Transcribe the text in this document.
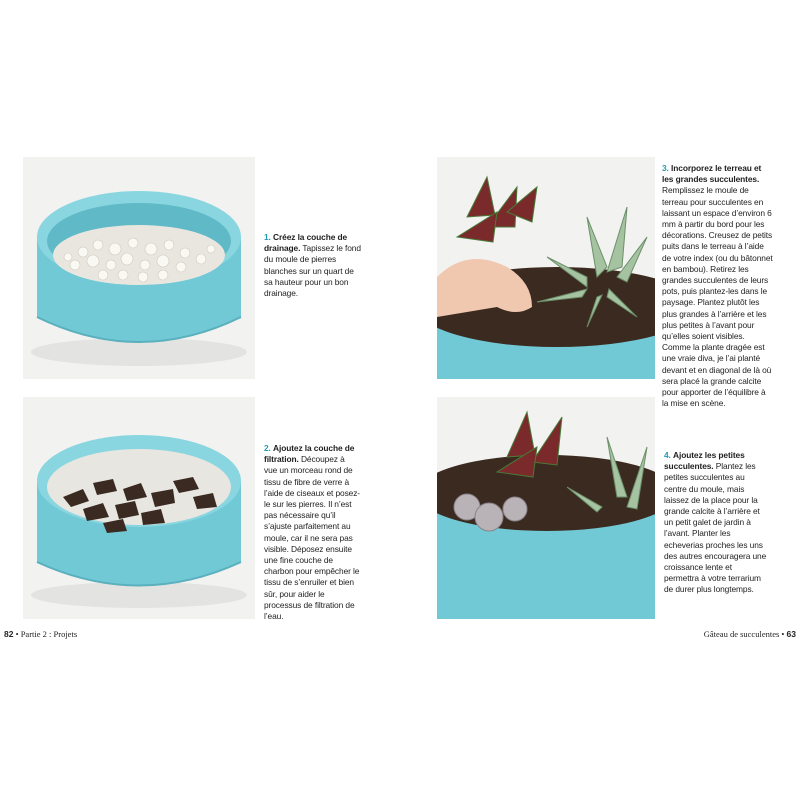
1. Créez la couche de drainage. Tapissez le fond du moule de pierres blanches sur un quart de sa hauteur pour un bon drainage.
2. Ajoutez la couche de filtration. Découpez à vue un morceau rond de tissu de fibre de verre à l’aide de ciseaux et posez-le sur les pierres. Il n’est pas nécessaire qu’il s’ajuste parfaitement au moule, car il ne sera pas visible. Déposez ensuite une fine couche de charbon pour empêcher le tissu de s’enruiler et bien sûr, pour aider le processus de filtration de l’eau.
3. Incorporez le terreau et les grandes succulentes. Remplissez le moule de terreau pour succulentes en laissant un espace d’environ 6 mm à partir du bord pour les décorations. Creusez de petits puits dans le terreau à l’aide de votre index (ou du bâtonnet en bambou). Retirez les grandes succulentes de leurs pots, puis plantez-les dans le paysage. Plantez plutôt les plus grandes à l’arrière et les plus petites à l’avant pour qu’elles soient visibles. Comme la plante dragée est une vraie diva, je l’ai planté devant et en diagonal de là où sera placé la grande calcite pour apporter de l’équilibre à la mise en scène.
4. Ajoutez les petites succulentes. Plantez les petites succulentes au centre du moule, mais laissez de la place pour la grande calcite à l’arrière et un petit galet de jardin à l’avant. Planter les echeverias proches les uns des autres encouragera une croissance lente et permettra à votre terrarium de durer plus longtemps.
82 • Partie 2 : Projets	Gâteau de succulentes • 63
